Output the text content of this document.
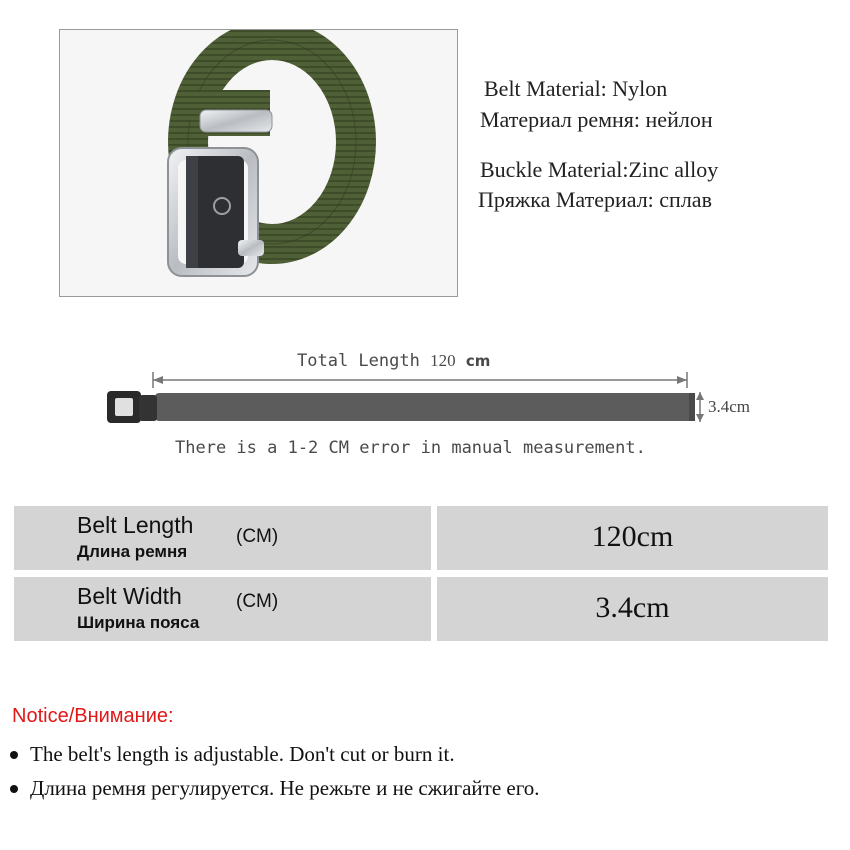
Belt Material: Nylon
Материал ремня: нейлон
Buckle Material:Zinc alloy
Пряжка Материал: сплав
Total Length 120 cm
3.4cm
There is a 1-2 CM error in manual measurement.
Belt Length
Длина ремня
(CM)	120cm
Belt Width
Ширина пояса
(CM)	3.4cm
Notice/Внимание:
The belt's length is adjustable. Don't cut or burn it.
Длина ремня регулируется. Не режьте и не сжигайте его.
